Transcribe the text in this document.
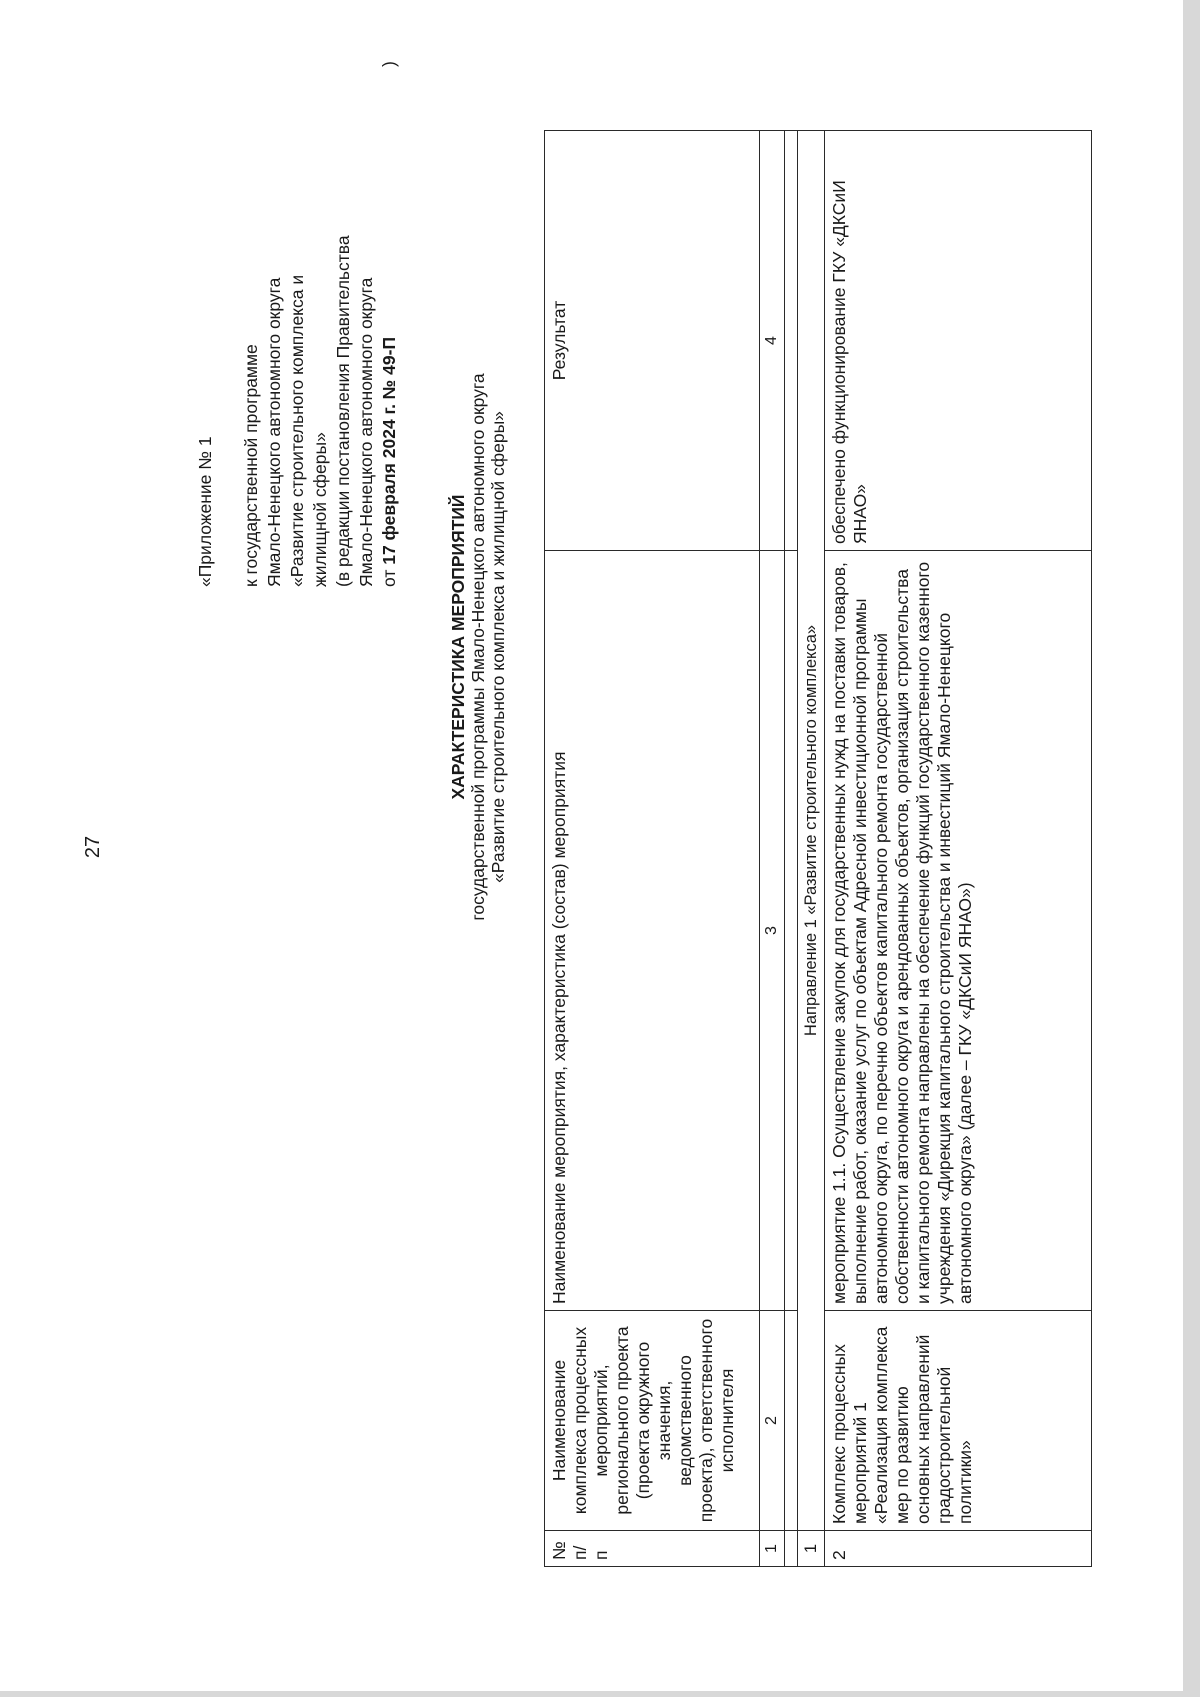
27
«Приложение № 1 к государственной программе Ямало-Ненецкого автономного округа «Развитие строительного комплекса и жилищной сферы» (в редакции постановления Правительства Ямало-Ненецкого автономного округа от 17 февраля 2024 г. № 49-П
)
ХАРАКТЕРИСТИКА МЕРОПРИЯТИЙ государственной программы Ямало-Ненецкого автономного округа «Развитие строительного комплекса и жилищной сферы»
№ п/п	Наименование комплекса процессных мероприятий, регионального проекта (проекта окружного значения, ведомственного проекта), ответственного исполнителя	Наименование мероприятия, характеристика (состав) мероприятия	Результат
1	2	3	4

1	Направление 1 «Развитие строительного комплекса»		
2	Комплекс процессных мероприятий 1 «Реализация комплекса мер по развитию основных направлений градостроительной политики»	мероприятие 1.1. Осуществление закупок для государственных нужд на поставки товаров, выполнение работ, оказание услуг по объектам Адресной инвестиционной программы автономного округа, по перечню объектов капитального ремонта государственной собственности автономного округа и арендованных объектов, организация строительства и капитального ремонта направлены на обеспечение функций государственного казенного учреждения «Дирекция капитального строительства и инвестиций Ямало-Ненецкого автономного округа» (далее – ГКУ «ДКСиИ ЯНАО»)	обеспечено функционирование ГКУ «ДКСиИ ЯНАО»
